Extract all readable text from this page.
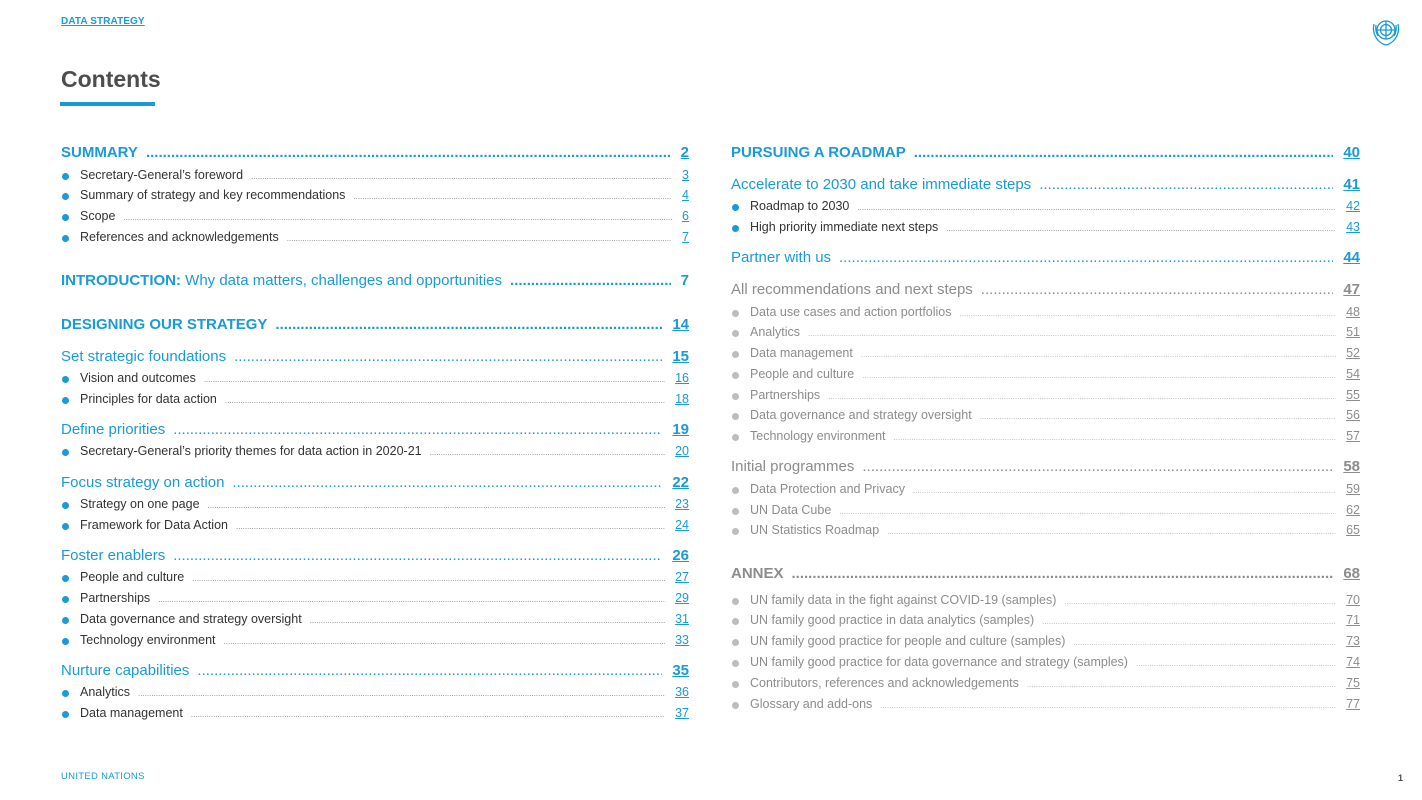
DATA STRATEGY
Contents
SUMMARY .....	2
Secretary-General’s foreword .....	3
Summary of strategy and key recommendations .....	4
Scope .....	6
References and acknowledgements .....	7
INTRODUCTION: Why data matters, challenges and opportunities .....	7
DESIGNING OUR STRATEGY .....	14
Set strategic foundations .....	15
Vision and outcomes .....	16
Principles for data action .....	18
Define priorities .....	19
Secretary-General’s priority themes for data action in 2020-21 .....	20
Focus strategy on action .....	22
Strategy on one page .....	23
Framework for Data Action .....	24
Foster enablers .....	26
People and culture .....	27
Partnerships .....	29
Data governance and strategy oversight .....	31
Technology environment .....	33
Nurture capabilities .....	35
Analytics .....	36
Data management .....	37
PURSUING A ROADMAP .....	40
Accelerate to 2030 and take immediate steps .....	41
Roadmap to 2030 .....	42
High priority immediate next steps .....	43
Partner with us .....	44
All recommendations and next steps .....	47
Data use cases and action portfolios .....	48
Analytics .....	51
Data management .....	52
People and culture .....	54
Partnerships .....	55
Data governance and strategy oversight .....	56
Technology environment .....	57
Initial programmes .....	58
Data Protection and Privacy .....	59
UN Data Cube .....	62
UN Statistics Roadmap .....	65
ANNEX .....	68
UN family data in the fight against COVID-19 (samples) .....	70
UN family good practice in data analytics (samples) .....	71
UN family good practice for people and culture (samples) .....	73
UN family good practice for data governance and strategy (samples) .....	74
Contributors, references and acknowledgements .....	75
Glossary and add-ons .....	77
UNITED NATIONS	1
